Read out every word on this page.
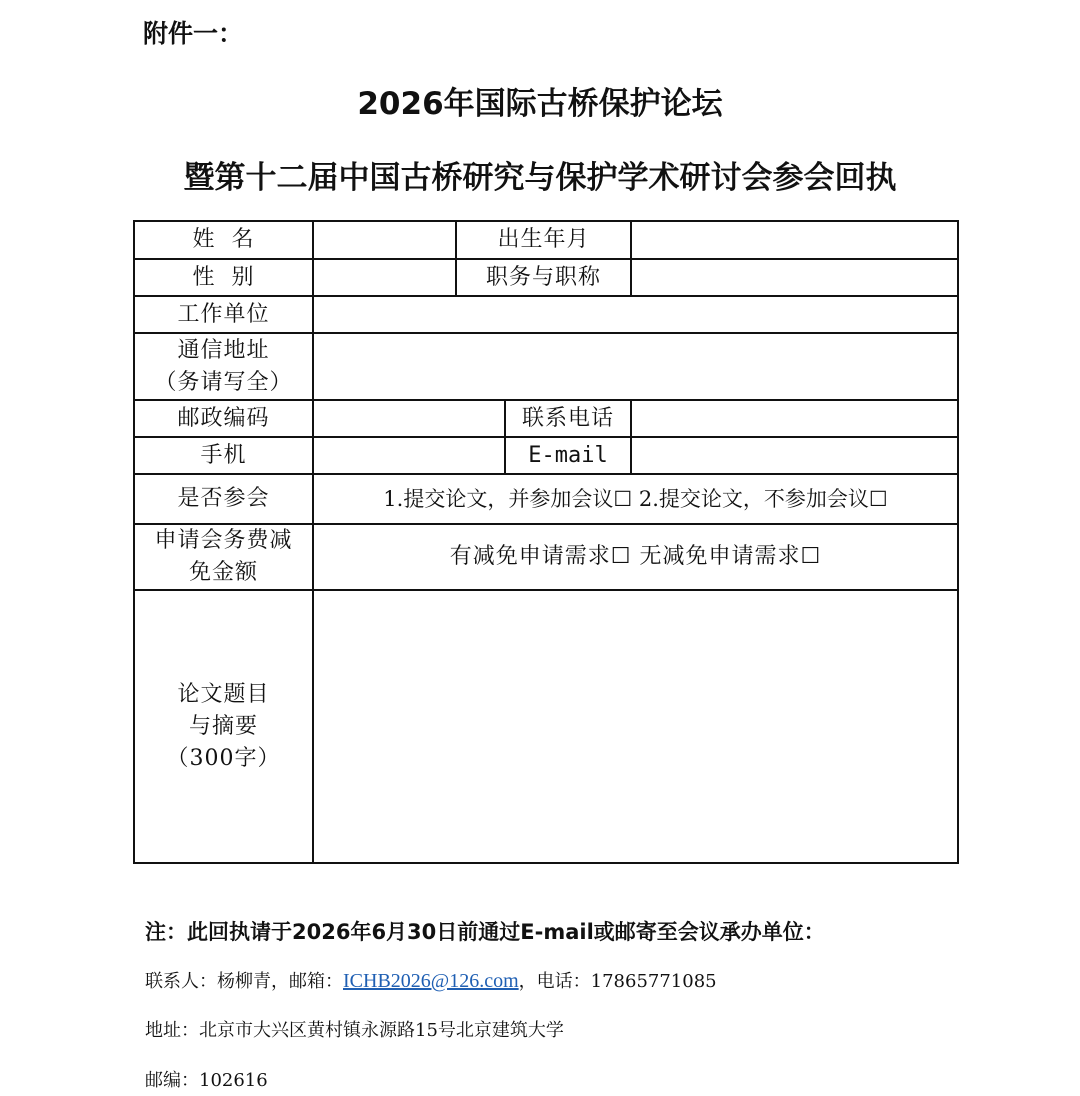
附件一：
2026年国际古桥保护论坛
暨第十二届中国古桥研究与保护学术研讨会参会回执
姓  名		出生年月		
性  别		职务与职称		
工作单位				

通信地址
（务请写全）				

邮政编码			联系电话	
手机			E-mail	
是否参会	1.提交论文，并参加会议☐ 2.提交论文，不参加会议☐			

申请会务费减
免金额	有减免申请需求☐ 无减免申请需求☐			

论文题目
与摘要
（300字）				

注：此回执请于2026年6月30日前通过E-mail或邮寄至会议承办单位：
联系人：杨柳青，邮箱：ICHB2026@126.com，电话：17865771085
地址：北京市大兴区黄村镇永源路15号北京建筑大学
邮编：102616
